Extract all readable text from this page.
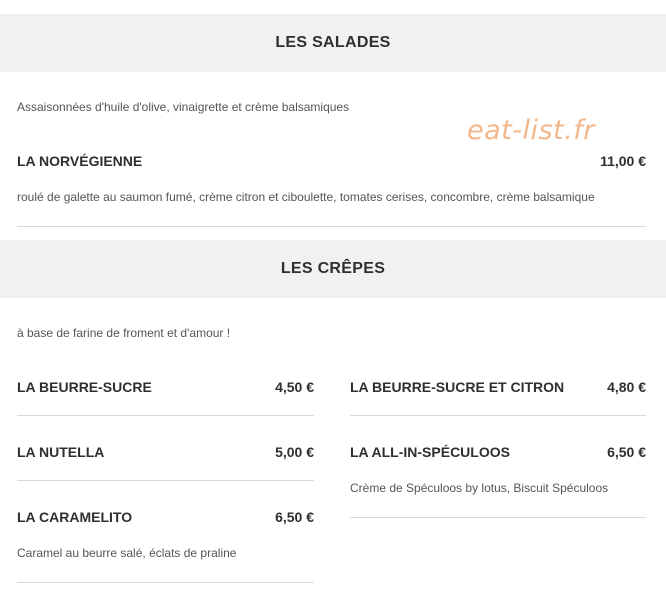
LES SALADES
Assaisonnées d'huile d'olive, vinaigrette et crème balsamiques
eat-list.fr
LA NORVÉGIENNE	11,00 €
roulé de galette au saumon fumé, crème citron et ciboulette, tomates cerises, concombre, crème balsamique
LES CRÊPES
à base de farine de froment et d'amour !
LA BEURRE-SUCRE	4,50 €
LA NUTELLA	5,00 €
LA CARAMELITO	6,50 €
Caramel au beurre salé, éclats de praline
LA BEURRE-SUCRE ET CITRON	4,80 €
LA ALL-IN-SPÉCULOOS	6,50 €
Crème de Spéculoos by lotus, Biscuit Spéculoos
